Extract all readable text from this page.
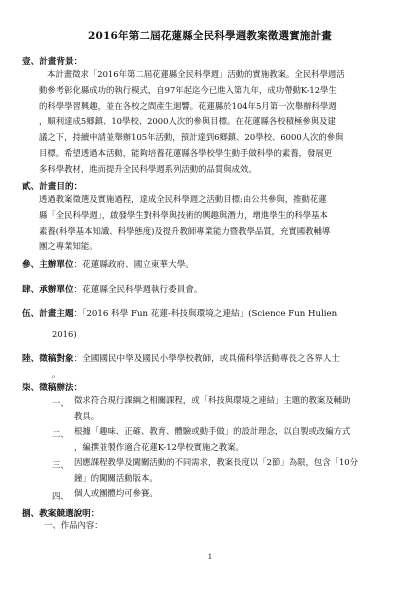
2016年第二屆花蓮縣全民科學週教案徵選實施計畫
壹、計畫背景：
本計畫徵求「2016年第二屆花蓮縣全民科學週」活動的實施教案。全民科學週活
動參考彰化縣成功的執行模式，自97年起迄今已進入第九年，成功帶動K-12學生
的科學學習興趣，並在各校之間產生迴響。花蓮縣於104年5月第一次舉辦科學週
，順利達成5鄉鎮、10學校、2000人次的參與目標。在花蓮縣各校積極參與及建
議之下，持續申請並舉辦105年活動，預計達到6鄉鎮、20學校、6000人次的參與
目標。希望透過本活動，能夠培養花蓮縣各學校學生動手做科學的素養，發展更
多科學教材，進而提升全民科學週系列活動的品質與成效。
貳、計畫目的：
透過教案徵選及實施過程，達成全民科學週之活動目標:由公共參與，推動花蓮
縣「全民科學週」，啟發學生對科學與技術的興趣與潛力，增進學生的科學基本
素養(科學基本知識、科學態度)及提升教師專業能力暨教學品質，充實國教輔導
團之專業知能。
參、主辦單位：花蓮縣政府、國立東華大學。
肆、承辦單位：花蓮縣全民科學週執行委員會。
伍、計畫主題：「2016 科學 Fun 花蓮-科技與環境之連結」(Science Fun Hulien
2016)
陸、徵稿對象：全國國民中學及國民小學學校教師，或具備科學活動專長之各界人士
。
柒、徵稿辦法：
一、 徵求符合現行課綱之相關課程，或「科技與環境之連結」主題的教案及輔助
教具。
二、 根據「趣味、正確、教育、體驗或動手做」的設計理念，以自製或改編方式
，編撰並製作適合花蓮K-12學校實施之教案。
三、 因應課程教學及闖關活動的不同需求，教案長度以「2節」為限，包含「10分
鐘」的闖關活動版本。
四、 個人或團體均可參賽。
捌、教案競選說明：
一、作品內容：
1
